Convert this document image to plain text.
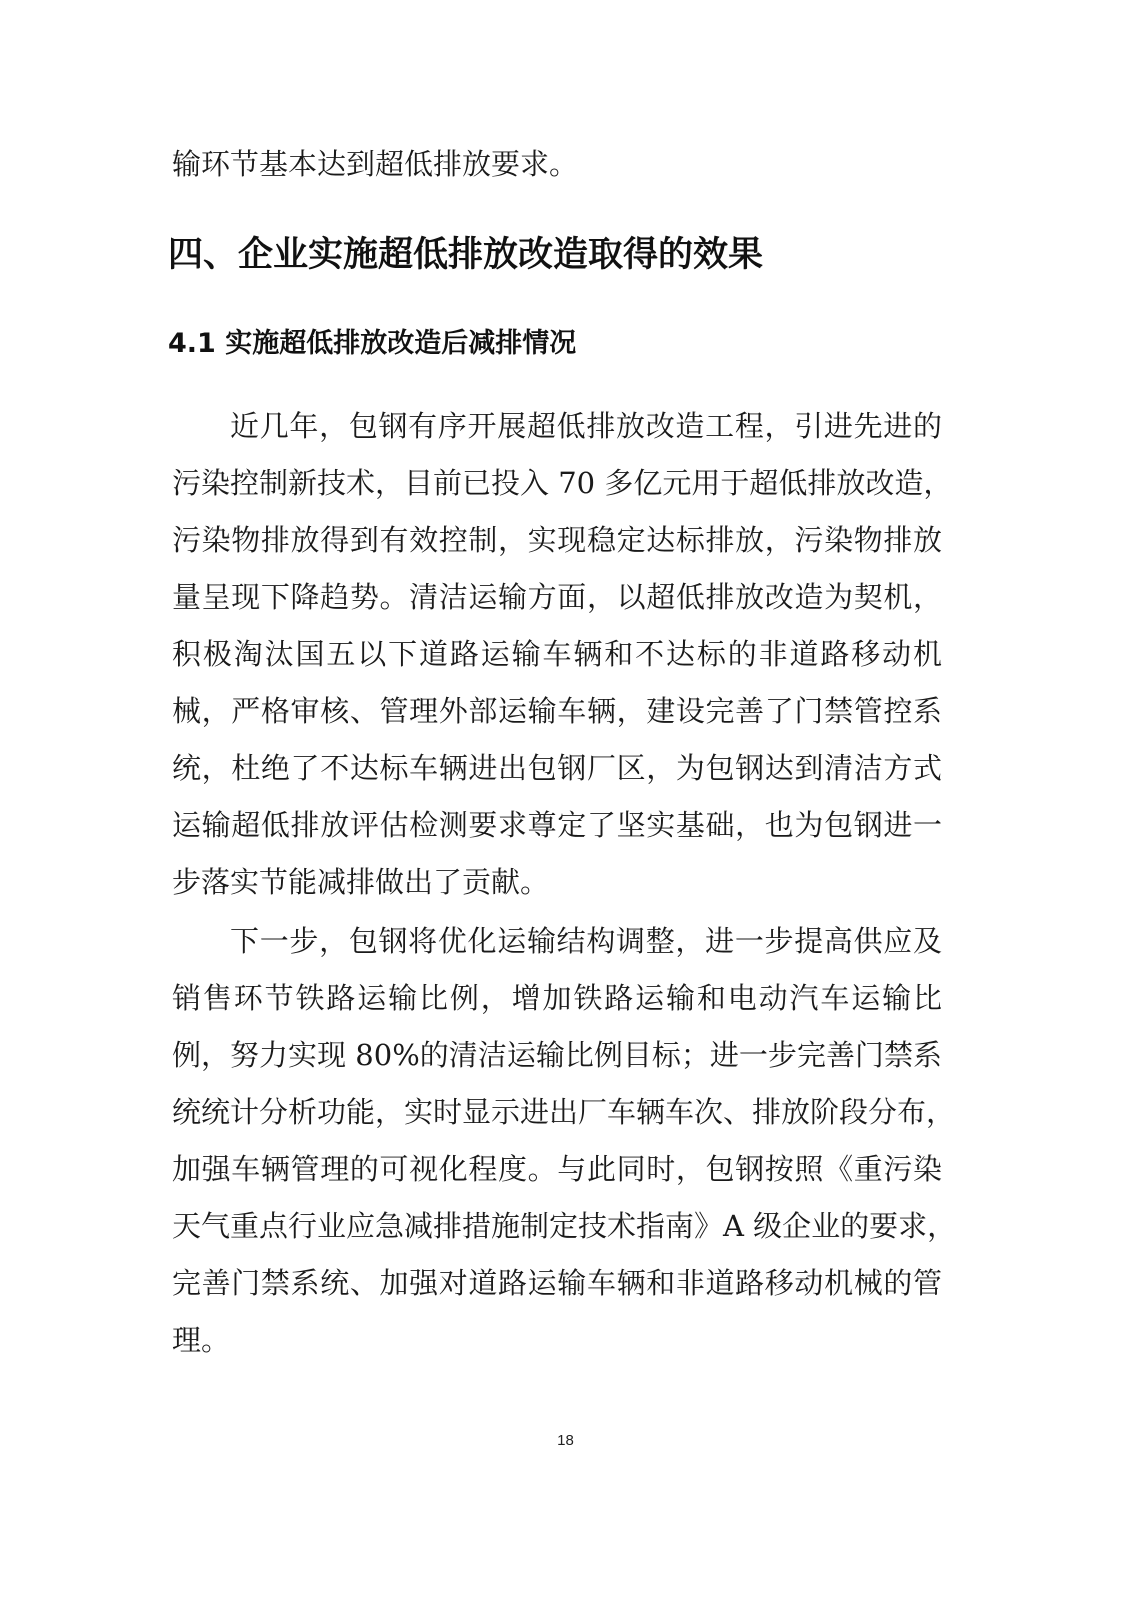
输环节基本达到超低排放要求。
四、企业实施超低排放改造取得的效果
4.1 实施超低排放改造后减排情况
近几年，包钢有序开展超低排放改造工程，引进先进的
污染控制新技术，目前已投入 70 多亿元用于超低排放改造，
污染物排放得到有效控制，实现稳定达标排放，污染物排放
量呈现下降趋势。清洁运输方面，以超低排放改造为契机，
积极淘汰国五以下道路运输车辆和不达标的非道路移动机
械，严格审核、管理外部运输车辆，建设完善了门禁管控系
统，杜绝了不达标车辆进出包钢厂区，为包钢达到清洁方式
运输超低排放评估检测要求尊定了坚实基础，也为包钢进一
步落实节能减排做出了贡献。
下一步，包钢将优化运输结构调整，进一步提高供应及
销售环节铁路运输比例，增加铁路运输和电动汽车运输比
例，努力实现 80%的清洁运输比例目标；进一步完善门禁系
统统计分析功能，实时显示进出厂车辆车次、排放阶段分布，
加强车辆管理的可视化程度。与此同时，包钢按照《重污染
天气重点行业应急减排措施制定技术指南》A 级企业的要求，
完善门禁系统、加强对道路运输车辆和非道路移动机械的管
理。
18
